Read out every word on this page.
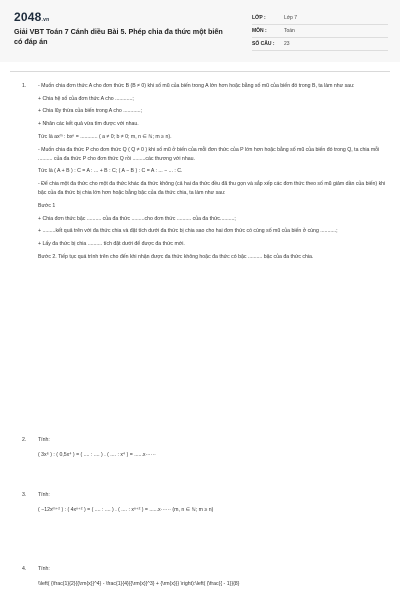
2048.vn
Giải VBT Toán 7 Cánh diều Bài 5. Phép chia đa thức một biến có đáp án
LỚP :	Lớp 7
MÔN :	Toán
SỐ CÂU :	23
1.	- Muốn chia đơn thức A cho đơn thức B (B ≠ 0) khi số mũ của biến trong A lớn hơn hoặc bằng số mũ của biến đó trong B, ta làm như sau:

+ Chia hệ số của đơn thức A cho ............;

+ Chia lũy thừa của biến trong A cho ............;

+ Nhân các kết quả vừa tìm được với nhau.

Tức là axᵐ : bxⁿ = ............ ( a ≠ 0; b ≠ 0; m, n ∈ ℕ; m ≥ n).

- Muốn chia đa thức P cho đơn thức Q ( Q ≠ 0 ) khi số mũ ở biến của mỗi đơn thức của P lớn hơn hoặc bằng số mũ của biến đó trong Q, ta chia mỗi .......... của đa thức P cho đơn thức Q rồi .........các thương với nhau.

Tức là ( A + B ) : C = A : ... + B : C; ( A − B ) : C = A : ... − ... : C.

- Để chia một đa thức cho một đa thức khác đa thức không (cả hai đa thức đều đã thu gọn và sắp xếp các đơn thức theo số mũ giảm dần của biến) khi bậc của đa thức bị chia lớn hơn hoặc bằng bậc của đa thức chia, ta làm như sau:

Bước 1

+ Chia đơn thức bậc .......... của đa thức .........cho đơn thức .......... của đa thức..........;

+ .........kết quả trên với đa thức chia và đặt tích dưới đa thức bị chia sao cho hai đơn thức có cùng số mũ của biến ở cùng ...........;

+ Lấy đa thức bị chia .......... tích đặt dưới để được đa thức mới.

Bước 2. Tiếp tục quá trình trên cho đến khi nhận được đa thức không hoặc đa thức có bậc .......... bậc của đa thức chia.

2.	Tính:

( 3x⁶ ) : ( 0,5x⁴ ) = ( .... : .... ) . ( .... : x⁴ ) = ......x······

Tính:

( −12xᵐ⁺² ) : ( 4xⁿ⁺² ) = ( .... : .... ) . ( .... : xⁿ⁺² ) = ......x······ (m, n ∈ ℕ; m ≥ n)

3.
4.	Tính:

\\left( {\frac{1}{2}{{\rm{x}}^4} - \frac{1}{4}{{\rm{x}}^3} + {\rm{x}}} \right):\left( {\frac{{ - 1}}{8}
